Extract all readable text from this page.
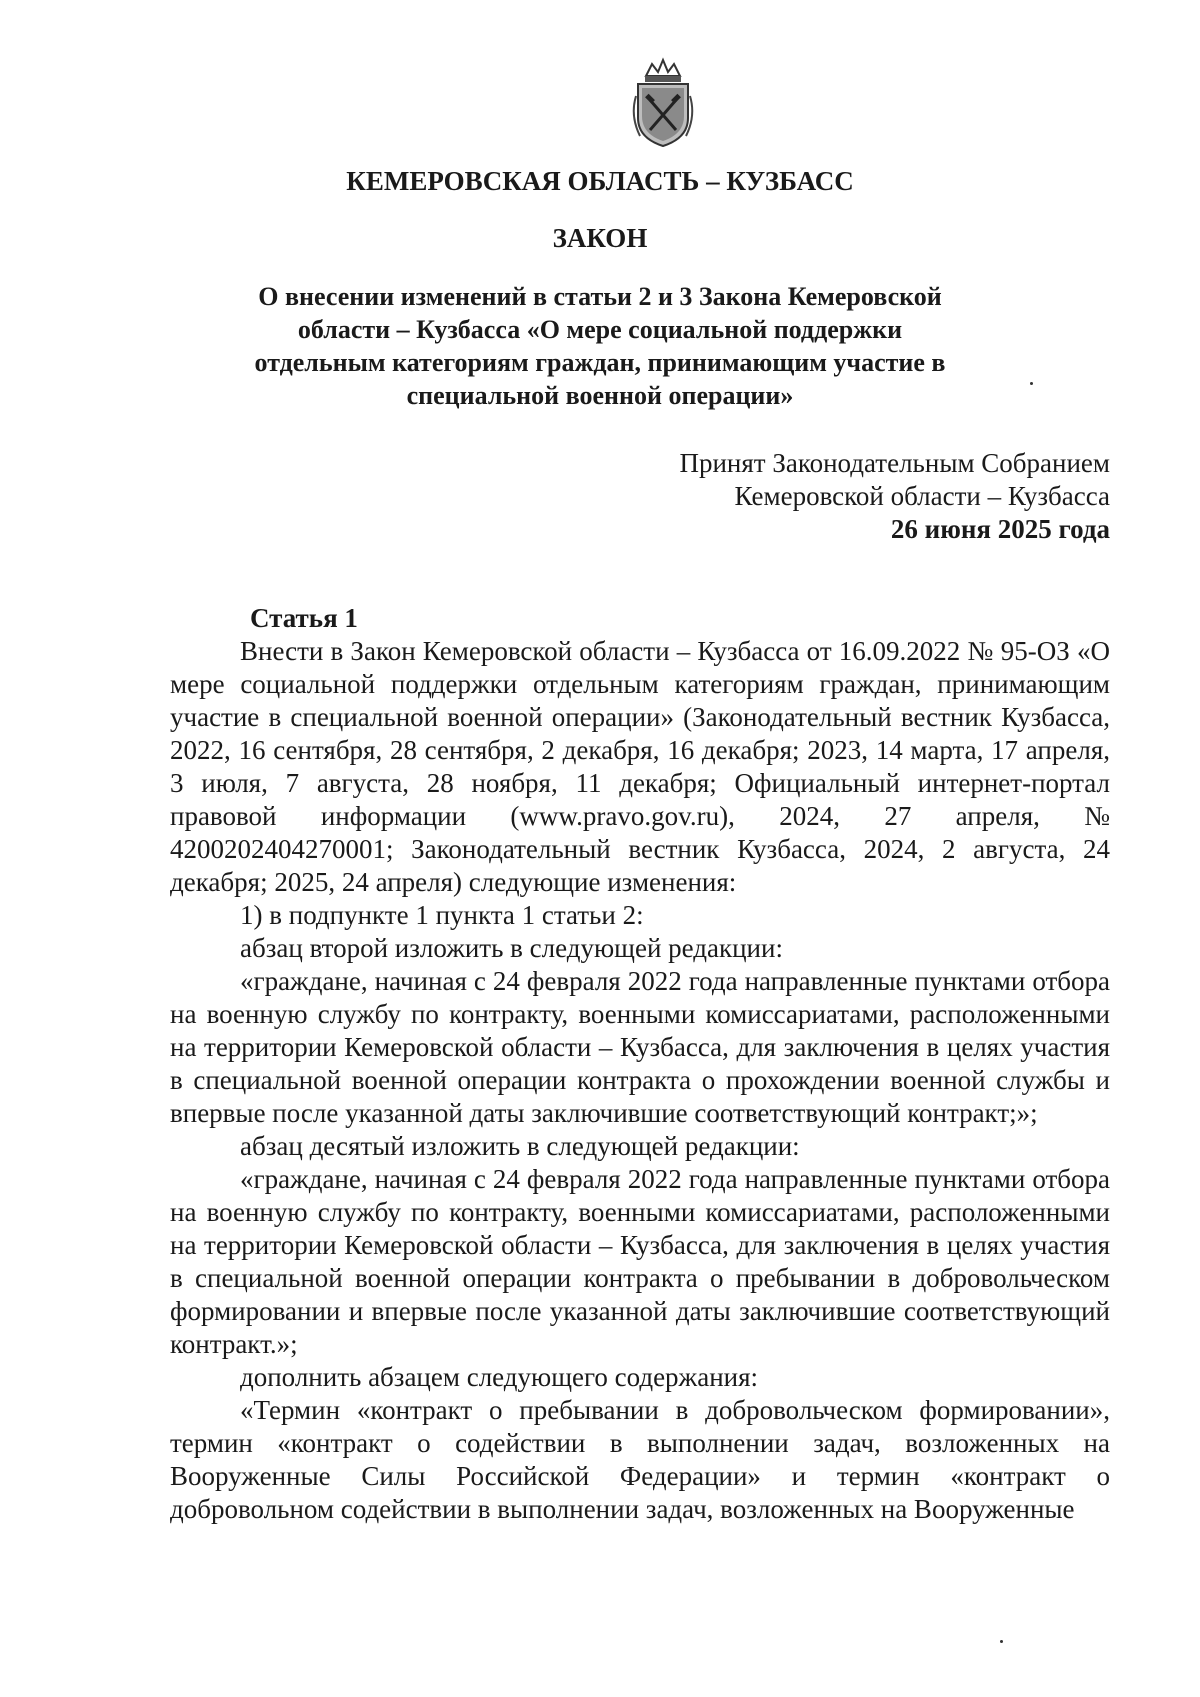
КЕМЕРОВСКАЯ ОБЛАСТЬ – КУЗБАСС
ЗАКОН
О внесении изменений в статьи 2 и 3 Закона Кемеровской области – Кузбасса «О мере социальной поддержки отдельным категориям граждан, принимающим участие в специальной военной операции»
Принят Законодательным Собранием
Кемеровской области – Кузбасса
26 июня 2025 года
Статья 1

Внести в Закон Кемеровской области – Кузбасса от 16.09.2022 № 95-ОЗ «О мере социальной поддержки отдельным категориям граждан, принимающим участие в специальной военной операции» (Законодательный вестник Кузбасса, 2022, 16 сентября, 28 сентября, 2 декабря, 16 декабря; 2023, 14 марта, 17 апреля, 3 июля, 7 августа, 28 ноября, 11 декабря; Официальный интернет-портал правовой информации (www.pravo.gov.ru), 2024, 27 апреля, № 4200202404270001; Законодательный вестник Кузбасса, 2024, 2 августа, 24 декабря; 2025, 24 апреля) следующие изменения:

1) в подпункте 1 пункта 1 статьи 2:

абзац второй изложить в следующей редакции:

«граждане, начиная с 24 февраля 2022 года направленные пунктами отбора на военную службу по контракту, военными комиссариатами, расположенными на территории Кемеровской области – Кузбасса, для заключения в целях участия в специальной военной операции контракта о прохождении военной службы и впервые после указанной даты заключившие соответствующий контракт;»;

абзац десятый изложить в следующей редакции:

«граждане, начиная с 24 февраля 2022 года направленные пунктами отбора на военную службу по контракту, военными комиссариатами, расположенными на территории Кемеровской области – Кузбасса, для заключения в целях участия в специальной военной операции контракта о пребывании в добровольческом формировании и впервые после указанной даты заключившие соответствующий контракт.»;

дополнить абзацем следующего содержания:

«Термин «контракт о пребывании в добровольческом формировании», термин «контракт о содействии в выполнении задач, возложенных на Вооруженные Силы Российской Федерации» и термин «контракт о добровольном содействии в выполнении задач, возложенных на Вооруженные
